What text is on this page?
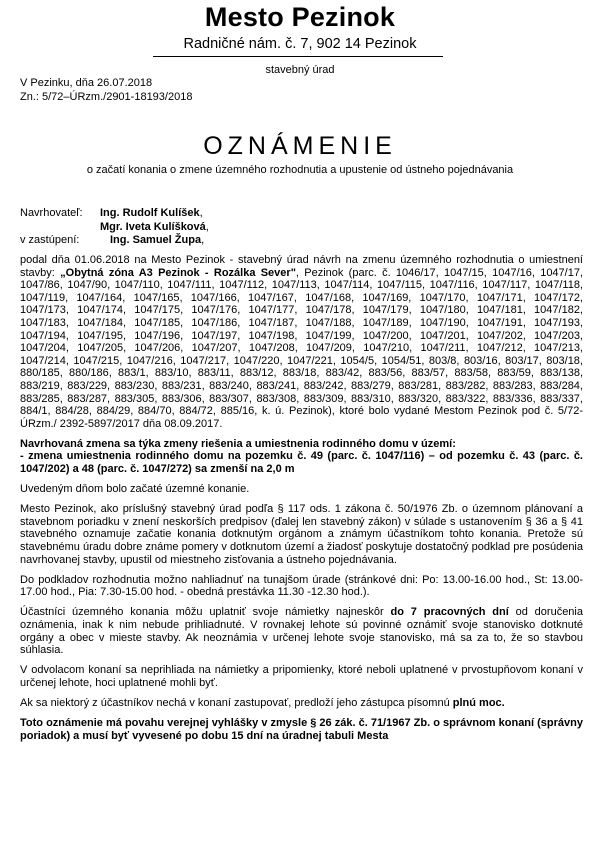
Mesto Pezinok
Radničné nám. č. 7, 902 14 Pezinok
stavebný úrad
V Pezinku, dňa 26.07.2018
Zn.: 5/72–ÚRzm./2901-18193/2018
OZNÁMENIE
o začatí konania o zmene územného rozhodnutia a upustenie od ústneho pojednávania
Navrhovateľ: Ing. Rudolf Kulíšek,
Mgr. Iveta Kulíšková,
v zastúpení:	Ing. Samuel Župa,

podal dňa 01.06.2018 na Mesto Pezinok - stavebný úrad návrh na zmenu územného rozhodnutia o umiestnení stavby: „Obytná zóna A3 Pezinok - Rozálka Sever", Pezinok (parc. č. 1046/17, 1047/15, 1047/16, 1047/17, 1047/86, 1047/90, 1047/110, 1047/111, 1047/112, 1047/113, 1047/114, 1047/115, 1047/116, 1047/117, 1047/118, 1047/119, 1047/164, 1047/165, 1047/166, 1047/167, 1047/168, 1047/169, 1047/170, 1047/171, 1047/172, 1047/173, 1047/174, 1047/175, 1047/176, 1047/177, 1047/178, 1047/179, 1047/180, 1047/181, 1047/182, 1047/183, 1047/184, 1047/185, 1047/186, 1047/187, 1047/188, 1047/189, 1047/190, 1047/191, 1047/193, 1047/194, 1047/195, 1047/196, 1047/197, 1047/198, 1047/199, 1047/200, 1047/201, 1047/202, 1047/203, 1047/204, 1047/205, 1047/206, 1047/207, 1047/208, 1047/209, 1047/210, 1047/211, 1047/212, 1047/213, 1047/214, 1047/215, 1047/216, 1047/217, 1047/220, 1047/221, 1054/5, 1054/51, 803/8, 803/16, 803/17, 803/18, 880/185, 880/186, 883/1, 883/10, 883/11, 883/12, 883/18, 883/42, 883/56, 883/57, 883/58, 883/59, 883/138, 883/219, 883/229, 883/230, 883/231, 883/240, 883/241, 883/242, 883/279, 883/281, 883/282, 883/283, 883/284, 883/285, 883/287, 883/305, 883/306, 883/307, 883/308, 883/309, 883/310, 883/320, 883/322, 883/336, 883/337, 884/1, 884/28, 884/29, 884/70, 884/72, 885/16, k. ú. Pezinok), ktoré bolo vydané Mestom Pezinok pod č. 5/72-ÚRzm./ 2392-5897/2017 dňa 08.09.2017.

Navrhovaná zmena sa týka zmeny riešenia a umiestnenia rodinného domu v území:
- zmena umiestnenia rodinného domu na pozemku č. 49 (parc. č. 1047/116) – od pozemku č. 43 (parc. č. 1047/202) a 48 (parc. č. 1047/272) sa zmenší na 2,0 m

Uvedeným dňom bolo začaté územné konanie.

Mesto Pezinok, ako príslušný stavebný úrad podľa § 117 ods. 1 zákona č. 50/1976 Zb. o územnom plánovaní a stavebnom poriadku v znení neskorších predpisov (ďalej len stavebný zákon) v súlade s ustanovením § 36 a § 41 stavebného oznamuje začatie konania dotknutým orgánom a známym účastníkom tohto konania. Pretože sú stavebnému úradu dobre známe pomery v dotknutom území a žiadosť poskytuje dostatočný podklad pre posúdenia navrhovanej stavby, upustil od miestneho zisťovania a ústneho pojednávania.

Do podkladov rozhodnutia možno nahliadnuť na tunajšom úrade (stránkové dni: Po: 13.00-16.00 hod., St: 13.00-17.00 hod., Pia: 7.30-15.00 hod. - obedná prestávka 11.30 -12.30 hod.).

Účastníci územného konania môžu uplatniť svoje námietky najneskôr do 7 pracovných dní od doručenia oznámenia, inak k nim nebude prihliadnuté. V rovnakej lehote sú povinné oznámiť svoje stanovisko dotknuté orgány a obec v mieste stavby. Ak neoznámia v určenej lehote svoje stanovisko, má sa za to, že so stavbou súhlasia.

V odvolacom konaní sa neprihliada na námietky a pripomienky, ktoré neboli uplatnené v prvostupňovom konaní v určenej lehote, hoci uplatnené mohli byť.

Ak sa niektorý z účastníkov nechá v konaní zastupovať, predloží jeho zástupca písomnú plnú moc.

Toto oznámenie má povahu verejnej vyhlášky v zmysle § 26 zák. č. 71/1967 Zb. o správnom konaní (správny poriadok) a musí byť vyvesené po dobu 15 dní na úradnej tabuli Mesta
